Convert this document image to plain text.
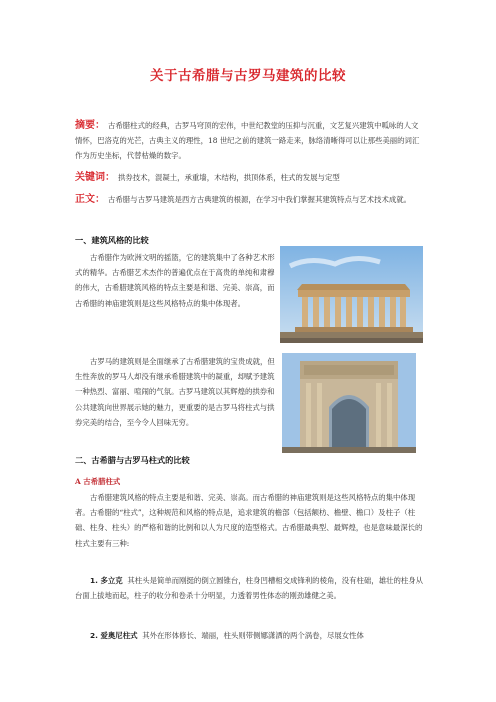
关于古希腊与古罗马建筑的比较
摘要： 古希腊柱式的经典，古罗马穹顶的宏伟，中世纪教堂的压抑与沉重，文艺复兴建筑中呱咏的人文情怀，巴洛克的光芒，古典主义的理性，18 世纪之前的建筑一路走来，脉络清晰得可以让那些美丽的词汇作为历史坐标，代替枯燥的数字。
关键词： 拱券技术，混凝土，承重墙，木结构，拱顶体系，柱式的发展与定型
正文： 古希腊与古罗马建筑是西方古典建筑的根源，在学习中我们掌握其建筑特点与艺术技术成就。
一、建筑风格的比较
古希腊作为欧洲文明的摇篮，它的建筑集中了各种艺术形式的精华。古希腊艺术杰作的普遍优点在于高贵的单纯和肃穆的伟大，古希腊建筑风格的特点主要是和谐、完美、崇高，而古希腊的神庙建筑则是这些风格特点的集中体现者。
古罗马的建筑则是全面继承了古希腊建筑的宝贵成就，但生性奔放的罗马人却没有继承希腊建筑中的凝重，却赋予建筑一种热烈、富丽、喧闹的气氛。古罗马建筑以其辉煌的拱券和公共建筑向世界展示她的魅力，更重要的是古罗马将柱式与拱券完美的结合，至今令人回味无穷。
二、古希腊与古罗马柱式的比较
A 古希腊柱式
古希腊建筑风格的特点主要是和谐、完美、崇高。而古希腊的神庙建筑则是这些风格特点的集中体现者。古希腊的“柱式”，这种规范和风格的特点是，追求建筑的檐部（包括额枋、檐壁、檐口）及柱子（柱础、柱身、柱头）的严格和谐的比例和以人为尺度的造型格式。古希腊最典型、最辉煌，也是意味最深长的柱式主要有三种:
1. 多立克 其柱头是简单而刚挺的倒立圆锥台，柱身凹槽相交成锋利的棱角，没有柱础，雄壮的柱身从台面上拔地而起，柱子的收分和卷杀十分明显，力透着男性体态的刚劲雄健之美。
2. 爱奥尼柱式 其外在形体修长、端丽，柱头则带侧娜潇洒的两个涡卷，尽展女性体
